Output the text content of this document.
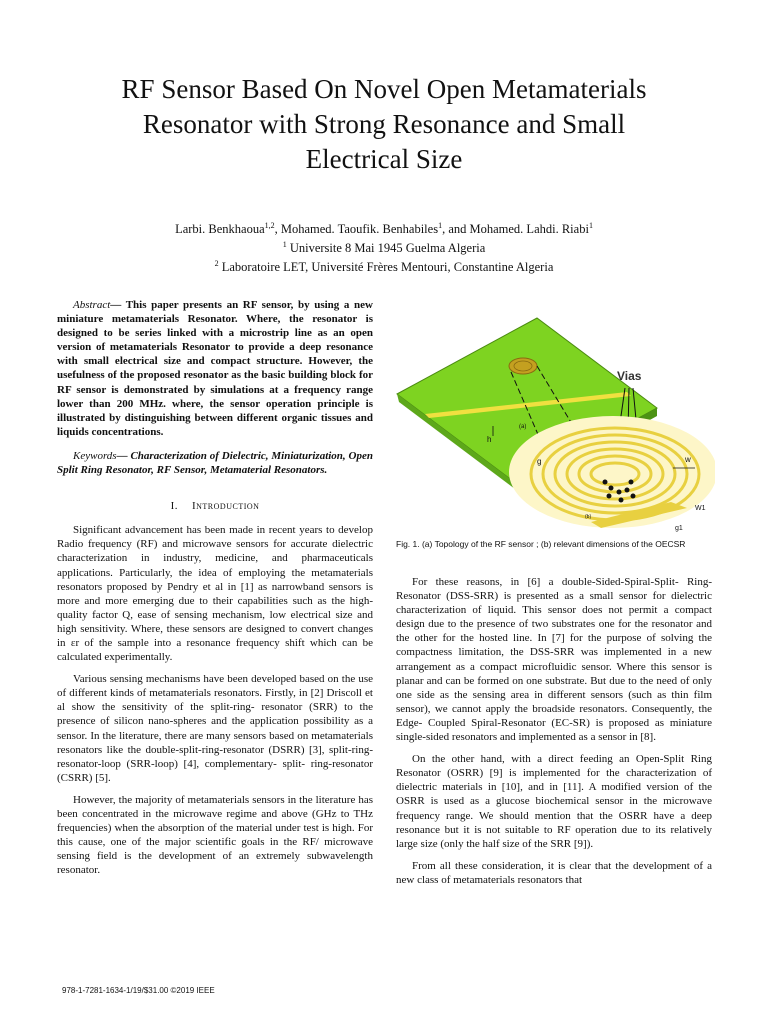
RF Sensor Based On Novel Open Metamaterials
Resonator with Strong Resonance and Small
Electrical Size
Larbi. Benkhaoua$^{1,2}$, Mohamed. Taoufik. Benhabiles$^1$, and Mohamed. Lahdi. Riabi$^1$
$^1$ Universite 8 Mai 1945 Guelma Algeria
$^2$ Laboratoire LET, Université Frères Mentouri, Constantine Algeria

Abstract— This paper presents an RF sensor, by using a new miniature metamaterials Resonator. Where, the resonator is designed to be series linked with a microstrip line as an open version of metamaterials Resonator to provide a deep resonance with small electrical size and compact structure. However, the usefulness of the proposed resonator as the basic building block for RF sensor is demonstrated by simulations at a frequency range lower than 200 MHz. where, the sensor operation principle is illustrated by distinguishing between different organic tissues and liquids concentrations.

Keywords— Characterization of Dielectric, Miniaturization, Open Split Ring Resonator, RF Sensor, Metamaterial Resonators.

I. Introduction

Significant advancement has been made in recent years to develop Radio frequency (RF) and microwave sensors for accurate dielectric characterization in industry, medicine, and pharmaceuticals applications. Particularly, the idea of employing the metamaterials resonators proposed by Pendry et al in [1] as narrowband sensors is more and more emerging due to their capabilities such as the high-quality factor Q, ease of sensing mechanism, low electrical size and high sensitivity. Where, these sensors are designed to convert changes in εr of the sample into a resonance frequency shift which can be calculated experimentally.

Various sensing mechanisms have been developed based on the use of different kinds of metamaterials resonators. Firstly, in [2] Driscoll et al show the sensitivity of the split-ring- resonator (SRR) to the presence of silicon nano-spheres and the application possibility as a sensor. In the literature, there are many sensors based on metamaterials resonators like the double-split-ring-resonator (DSRR) [3], split-ring-resonator-loop (SRR-loop) [4], complementary- split- ring-resonator (CSRR) [5].

However, the majority of metamaterials sensors in the literature has been concentrated in the microwave regime and above (GHz to THz frequencies) when the absorption of the material under test is high. For this cause, one of the major scientific goals in the RF/ microwave sensing field is the development of an extremely subwavelength resonator.

Vias
h
(a)
g	w
W1
g1
(b)
Fig. 1. (a) Topology of the RF sensor ; (b) relevant dimensions of the OECSR

For these reasons, in [6] a double-Sided-Spiral-Split- Ring-Resonator (DSS-SRR) is presented as a small sensor for dielectric characterization of liquid. This sensor does not permit a compact design due to the presence of two substrates one for the resonator and the other for the hosted line. In [7] for the purpose of solving the compactness limitation, the DSS-SRR was implemented in a new arrangement as a compact microfluidic sensor. Where this sensor is planar and can be formed on one substrate. But due to the need of only one side as the sensing area in different sensors (such as thin film sensor), we cannot apply the broadside resonators. Consequently, the Edge- Coupled Spiral-Resonator (EC-SR) is proposed as miniature single-sided resonators and implemented as a sensor in [8].

On the other hand, with a direct feeding an Open-Split Ring Resonator (OSRR) [9] is implemented for the characterization of dielectric materials in [10], and in [11]. A modified version of the OSRR is used as a glucose biochemical sensor in the microwave frequency range. We should mention that the OSRR have a deep resonance but it is not suitable to RF operation due to its relatively large size (only the half size of the SRR [9]).

From all these consideration, it is clear that the development of a new class of metamaterials resonators that

978-1-7281-1634-1/19/$31.00 ©2019 IEEE
